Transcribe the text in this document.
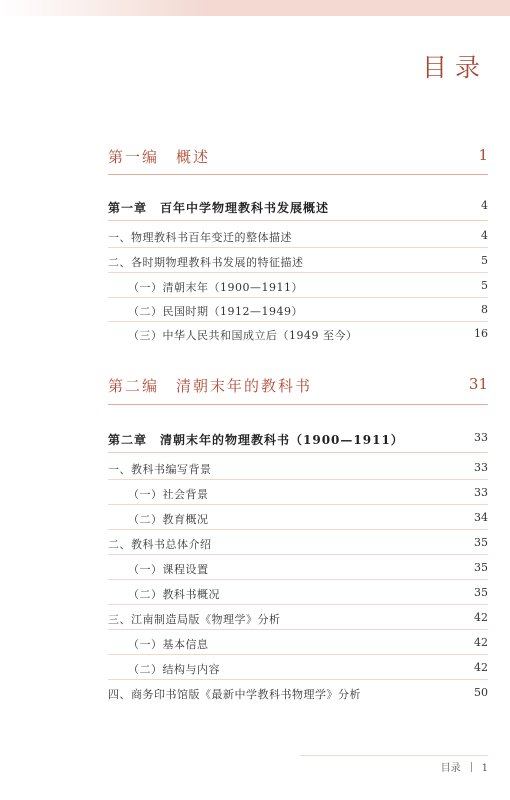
目录
第一编　概述	1
第一章　百年中学物理教科书发展概述	4
一、物理教科书百年变迁的整体描述	4
二、各时期物理教科书发展的特征描述	5
（一）清朝末年（1900—1911）	5
（二）民国时期（1912—1949）	8
（三）中华人民共和国成立后（1949 至今）	16
第二编　清朝末年的教科书	31
第二章　清朝末年的物理教科书（1900—1911）	33
一、教科书编写背景	33
（一）社会背景	33
（二）教育概况	34
二、教科书总体介绍	35
（一）课程设置	35
（二）教科书概况	35
三、江南制造局版《物理学》分析	42
（一）基本信息	42
（二）结构与内容	42
四、商务印书馆版《最新中学教科书物理学》分析	50
目录 1
